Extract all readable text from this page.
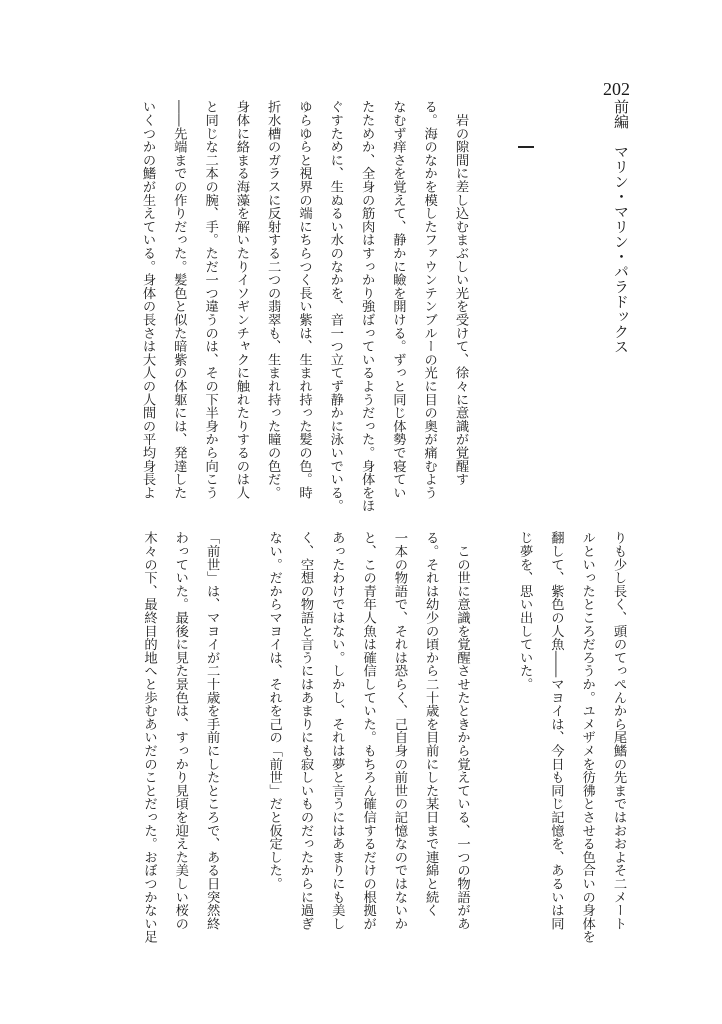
202
前編　マリン・マリン・パラドックス
　岩の隙間に差し込むまぶしい光を受けて、徐々に意識が覚醒す
る。海のなかを模したファウンテンブルーの光に目の奥が痛むよう
なむず痒さを覚えて、静かに瞼を開ける。ずっと同じ体勢で寝てい
たためか、全身の筋肉はすっかり強ばっているようだった。身体をほ
ぐすために、生ぬるい水のなかを、音一つ立てず静かに泳いでいる。
ゆらゆらと視界の端にちらつく長い紫は、生まれ持った髪の色。時
折水槽のガラスに反射する二つの翡翠も、生まれ持った瞳の色だ。
身体に絡まる海藻を解いたりイソギンチャクに触れたりするのは人
と同じな二本の腕、手。ただ一つ違うのは、その下半身から向こう
――先端までの作りだった。髪色と似た暗紫の体躯には、発達した
いくつかの鰭が生えている。身体の長さは大人の人間の平均身長よ
りも少し長く、頭のてっぺんから尾鰭の先まではおおよそ二メート
ルといったところだろうか。ユメザメを彷彿とさせる色合いの身体を
翻して、紫色の人魚――マヨイは、今日も同じ記憶を、あるいは同
じ夢を、思い出していた。
　この世に意識を覚醒させたときから覚えている、一つの物語があ
る。それは幼少の頃から二十歳を目前にした某日まで連綿と続く
一本の物語で、それは恐らく、己自身の前世の記憶なのではないか
と、この青年人魚は確信していた。もちろん確信するだけの根拠が
あったわけではない。しかし、それは夢と言うにはあまりにも美し
く、空想の物語と言うにはあまりにも寂しいものだったからに過ぎ
ない。だからマヨイは、それを己の「前世」だと仮定した。
「前世」は、マヨイが二十歳を手前にしたところで、ある日突然終
わっていた。最後に見た景色は、すっかり見頃を迎えた美しい桜の
木々の下、最終目的地へと歩むあいだのことだった。おぼつかない足
